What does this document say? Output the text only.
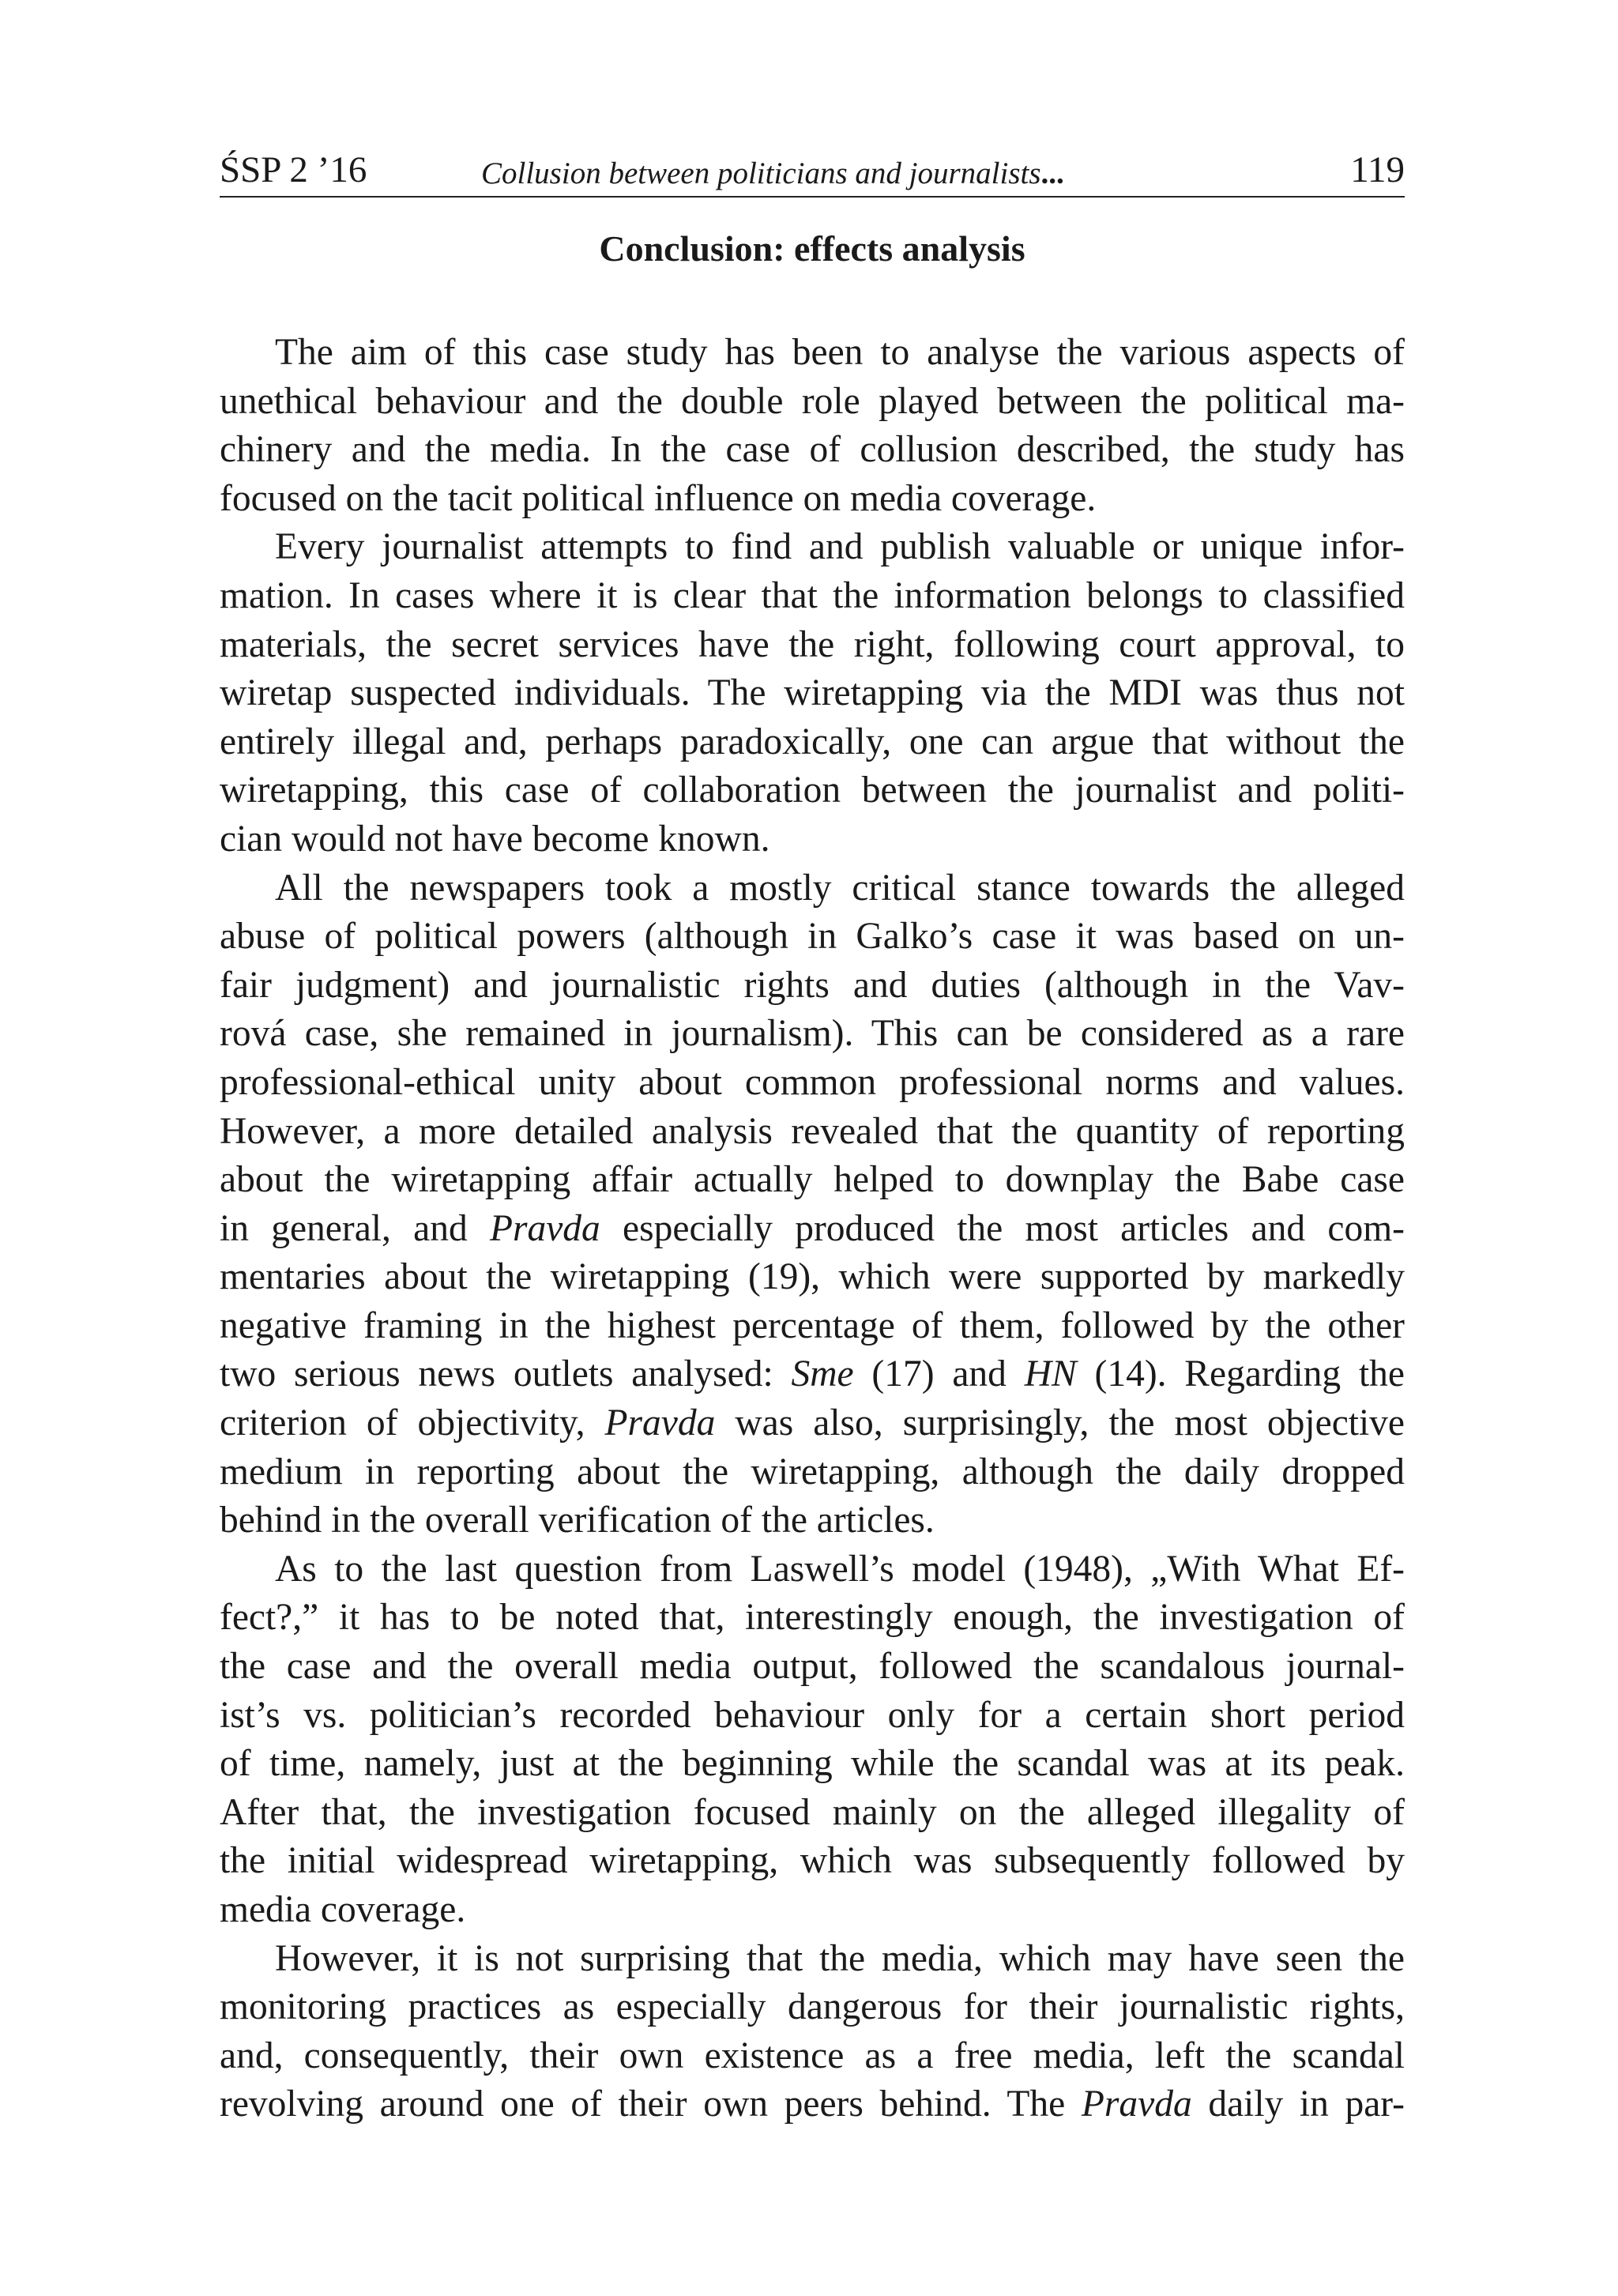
ŚSP 2 ’16	Collusion between politicians and journalists...	119
Conclusion: effects analysis
The aim of this case study has been to analyse the various aspects of
unethical behaviour and the double role played between the political ma-
chinery and the media. In the case of collusion described, the study has
focused on the tacit political influence on media coverage.
Every journalist attempts to find and publish valuable or unique infor-
mation. In cases where it is clear that the information belongs to classified
materials, the secret services have the right, following court approval, to
wiretap suspected individuals. The wiretapping via the MDI was thus not
entirely illegal and, perhaps paradoxically, one can argue that without the
wiretapping, this case of collaboration between the journalist and politi-
cian would not have become known.
All the newspapers took a mostly critical stance towards the alleged
abuse of political powers (although in Galko’s case it was based on un-
fair judgment) and journalistic rights and duties (although in the Vav-
rová case, she remained in journalism). This can be considered as a rare
professional-ethical unity about common professional norms and values.
However, a more detailed analysis revealed that the quantity of reporting
about the wiretapping affair actually helped to downplay the Babe case
in general, and Pravda especially produced the most articles and com-
mentaries about the wiretapping (19), which were supported by markedly
negative framing in the highest percentage of them, followed by the other
two serious news outlets analysed: Sme (17) and HN (14). Regarding the
criterion of objectivity, Pravda was also, surprisingly, the most objective
medium in reporting about the wiretapping, although the daily dropped
behind in the overall verification of the articles.
As to the last question from Laswell’s model (1948), „With What Ef-
fect?,” it has to be noted that, interestingly enough, the investigation of
the case and the overall media output, followed the scandalous journal-
ist’s vs. politician’s recorded behaviour only for a certain short period
of time, namely, just at the beginning while the scandal was at its peak.
After that, the investigation focused mainly on the alleged illegality of
the initial widespread wiretapping, which was subsequently followed by
media coverage.
However, it is not surprising that the media, which may have seen the
monitoring practices as especially dangerous for their journalistic rights,
and, consequently, their own existence as a free media, left the scandal
revolving around one of their own peers behind. The Pravda daily in par-
